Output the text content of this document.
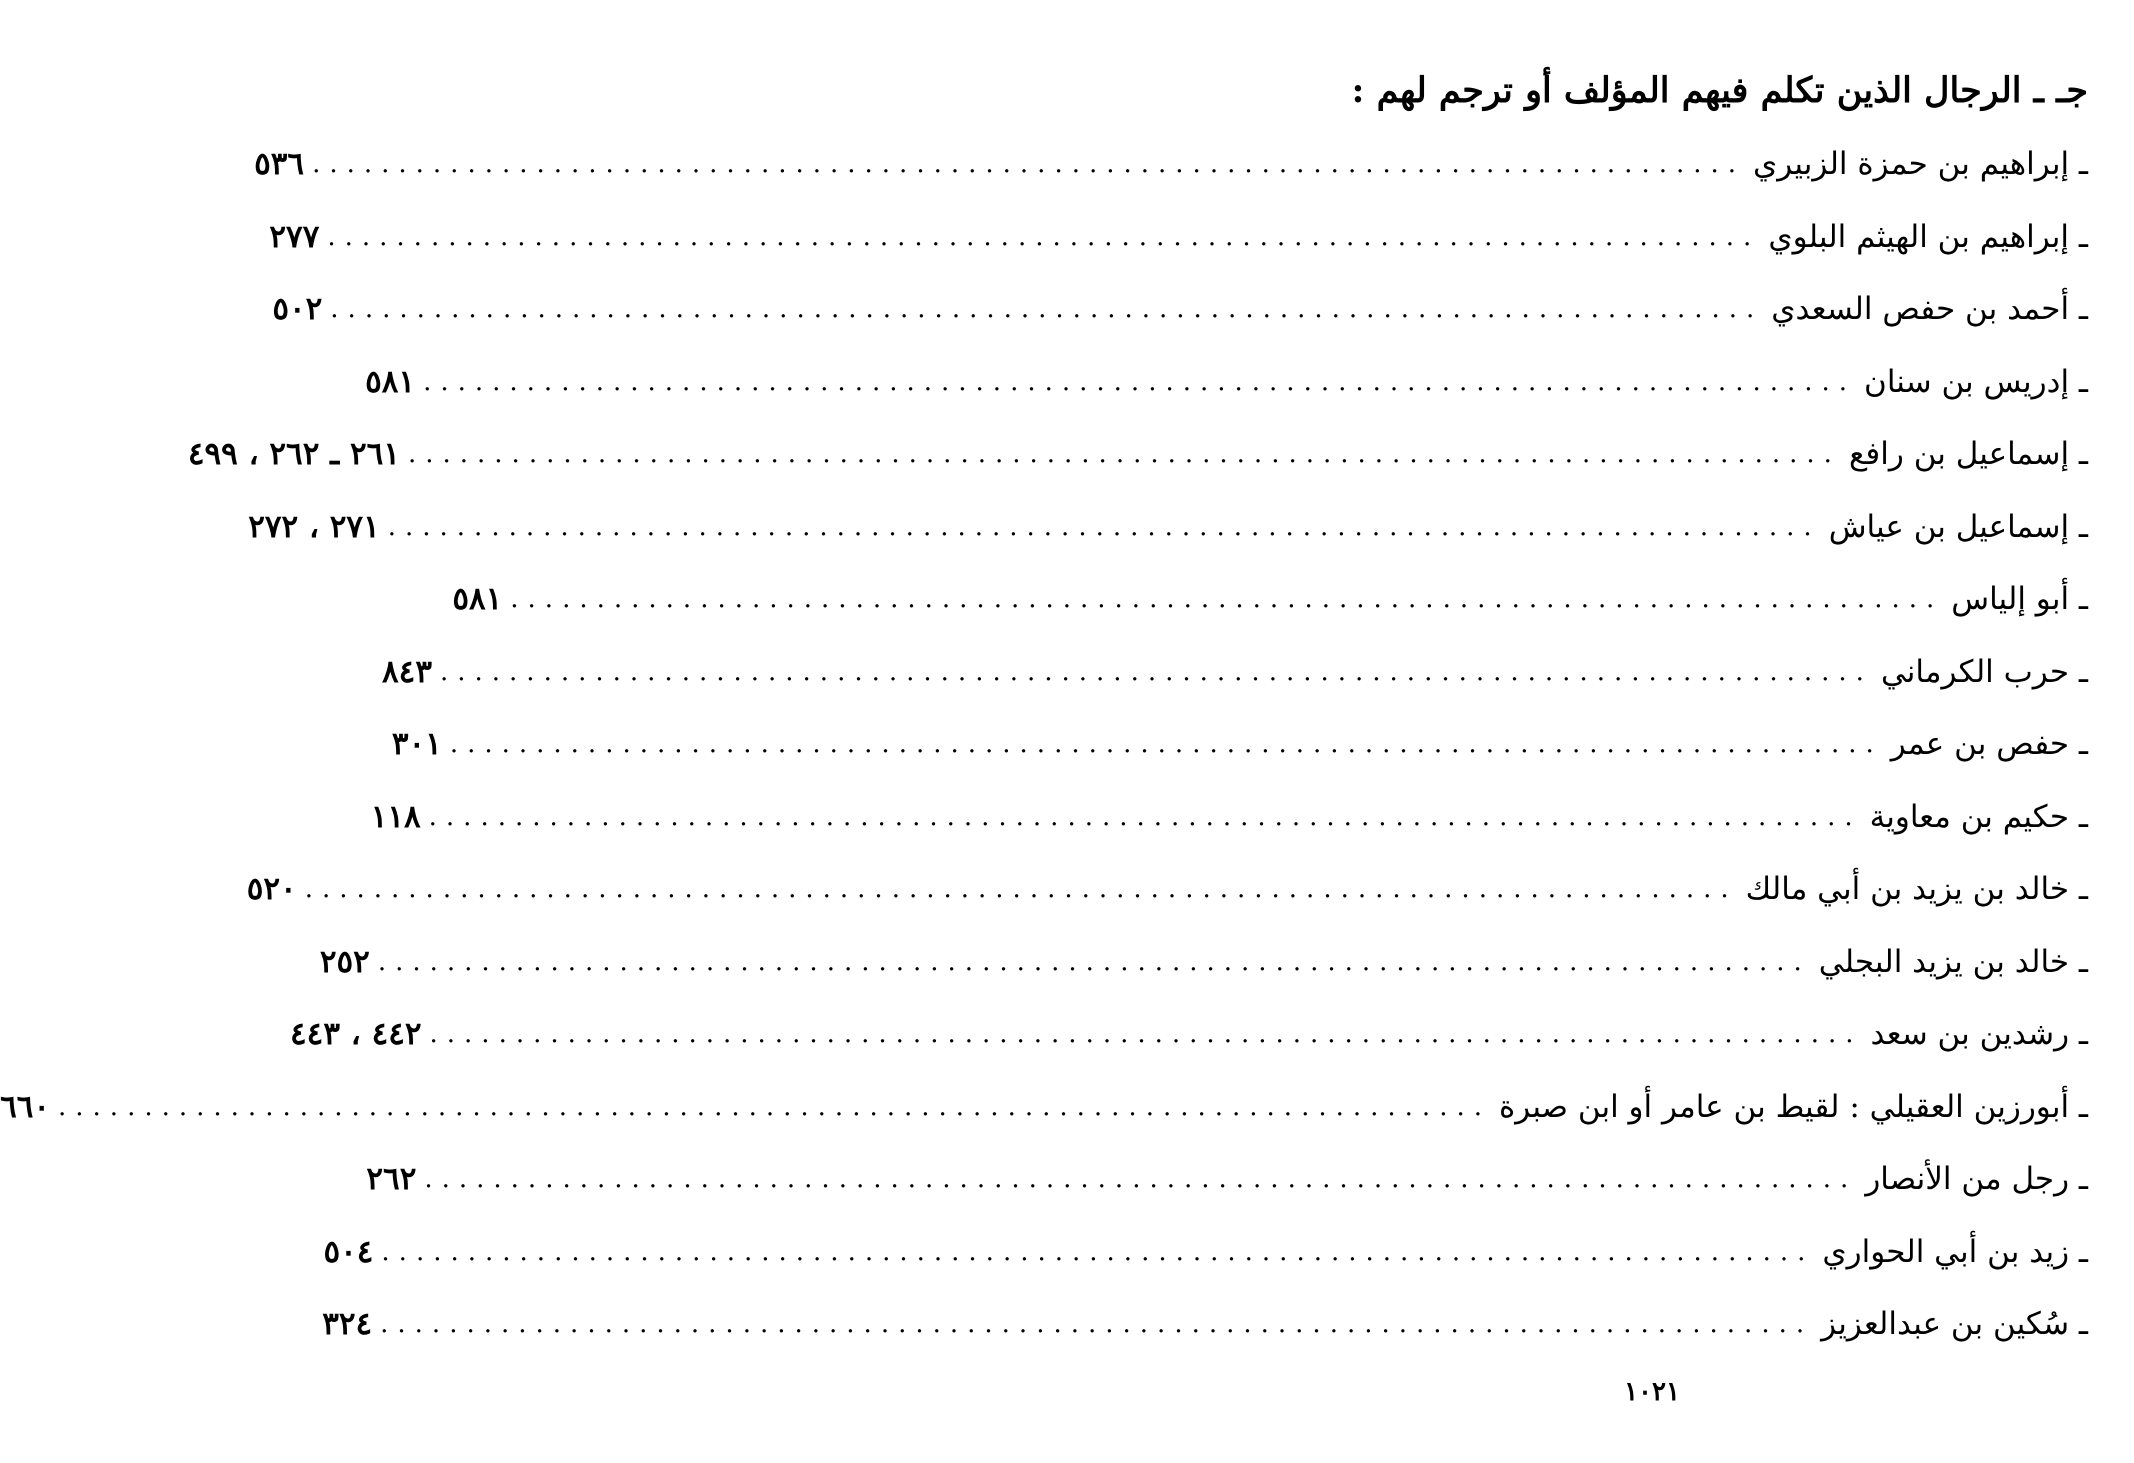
جـ ـ الرجال الذين تكلم فيهم المؤلف أو ترجم لهم :
ـ إبراهيم بن حمزة الزبيري
...................................................................................
٥٣٦
ـ إبراهيم بن الهيثم البلوي
...................................................................................
٢٧٧
ـ أحمد بن حفص السعدي
...................................................................................
٥٠٢
ـ إدريس بن سنان
...................................................................................
٥٨١
ـ إسماعيل بن رافع
...................................................................................
٢٦١ ـ ٢٦٢ ، ٤٩٩
ـ إسماعيل بن عياش
...................................................................................
٢٧١ ، ٢٧٢
ـ أبو إلياس
...................................................................................
٥٨١
ـ حرب الكرماني
...................................................................................
٨٤٣
ـ حفص بن عمر
...................................................................................
٣٠١
ـ حكيم بن معاوية
...................................................................................
١١٨
ـ خالد بن يزيد بن أبي مالك
...................................................................................
٥٢٠
ـ خالد بن يزيد البجلي
...................................................................................
٢٥٢
ـ رشدين بن سعد
...................................................................................
٤٤٢ ، ٤٤٣
ـ أبورزين العقيلي : لقيط بن عامر أو ابن صبرة
...................................................................................
٦٦٠
ـ رجل من الأنصار
...................................................................................
٢٦٢
ـ زيد بن أبي الحواري
...................................................................................
٥٠٤
ـ سُكين بن عبدالعزيز
...................................................................................
٣٢٤
١٠٢١
